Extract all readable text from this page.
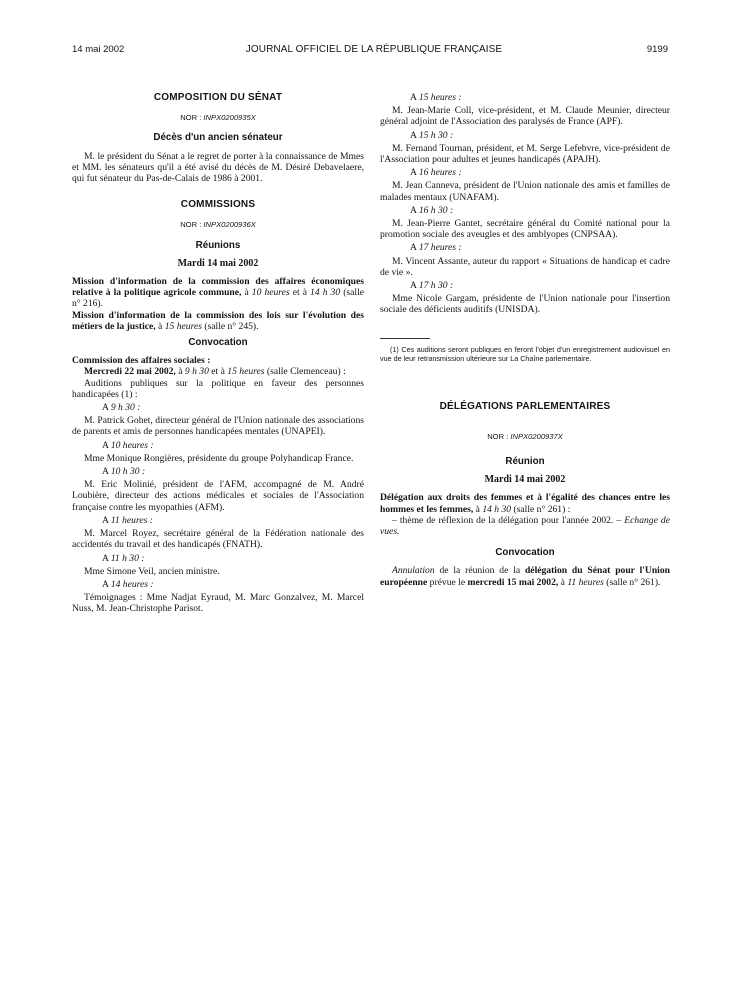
14 mai 2002	JOURNAL OFFICIEL DE LA RÉPUBLIQUE FRANÇAISE	9199
COMPOSITION DU SÉNAT
NOR : INPX0200935X
Décès d'un ancien sénateur

M. le président du Sénat a le regret de porter à la connaissance de Mmes et MM. les sénateurs qu'il a été avisé du décès de M. Désiré Debavelaere, qui fut sénateur du Pas-de-Calais de 1986 à 2001.

COMMISSIONS
NOR : INPX0200936X
Réunions
Mardi 14 mai 2002

Mission d'information de la commission des affaires économiques relative à la politique agricole commune, à 10 heures et à 14 h 30 (salle n° 216).

Mission d'information de la commission des lois sur l'évolution des métiers de la justice, à 15 heures (salle n° 245).

Convocation

Commission des affaires sociales :

Mercredi 22 mai 2002, à 9 h 30 et à 15 heures (salle Clemenceau) :

Auditions publiques sur la politique en faveur des personnes handicapées (1) :

A 9 h 30 :

M. Patrick Gohet, directeur général de l'Union nationale des associations de parents et amis de personnes handicapées mentales (UNAPEI).

A 10 heures :

Mme Monique Rongières, présidente du groupe Polyhandicap France.

A 10 h 30 :

M. Eric Molinié, président de l'AFM, accompagné de M. André Loubière, directeur des actions médicales et sociales de l'Association française contre les myopathies (AFM).

A 11 heures :

M. Marcel Royez, secrétaire général de la Fédération nationale des accidentés du travail et des handicapés (FNATH).

A 11 h 30 :

Mme Simone Veil, ancien ministre.

A 14 heures :

Témoignages : Mme Nadjat Eyraud, M. Marc Gonzalvez, M. Marcel Nuss, M. Jean-Christophe Parisot.

A 15 heures :

M. Jean-Marie Coll, vice-président, et M. Claude Meunier, directeur général adjoint de l'Association des paralysés de France (APF).

A 15 h 30 :

M. Fernand Tournan, président, et M. Serge Lefebvre, vice-président de l'Association pour adultes et jeunes handicapés (APAJH).

A 16 heures :

M. Jean Canneva, président de l'Union nationale des amis et familles de malades mentaux (UNAFAM).

A 16 h 30 :

M. Jean-Pierre Gantet, secrétaire général du Comité national pour la promotion sociale des aveugles et des amblyopes (CNPSAA).

A 17 heures :

M. Vincent Assante, auteur du rapport « Situations de handicap et cadre de vie ».

A 17 h 30 :

Mme Nicole Gargam, présidente de l'Union nationale pour l'insertion sociale des déficients auditifs (UNISDA).

(1) Ces auditions seront publiques en feront l'objet d'un enregistrement audiovisuel en vue de leur retransmission ultérieure sur La Chaîne parlementaire.

DÉLÉGATIONS PARLEMENTAIRES
NOR : INPX0200937X
Réunion
Mardi 14 mai 2002

Délégation aux droits des femmes et à l'égalité des chances entre les hommes et les femmes, à 14 h 30 (salle n° 261) :

– thème de réflexion de la délégation pour l'année 2002. – Echange de vues.

Convocation

Annulation de la réunion de la délégation du Sénat pour l'Union européenne prévue le mercredi 15 mai 2002, à 11 heures (salle n° 261).
